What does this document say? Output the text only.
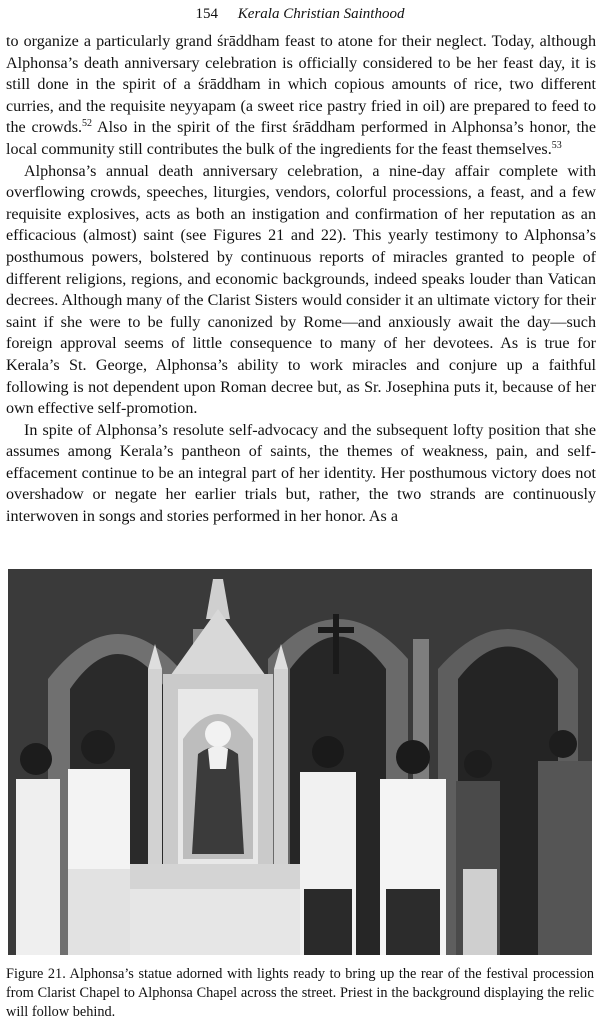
154 Kerala Christian Sainthood

to organize a particularly grand śrāddham feast to atone for their neglect. Today, although Alphonsa’s death anniversary celebration is officially considered to be her feast day, it is still done in the spirit of a śrāddham in which copious amounts of rice, two different curries, and the requisite neyyapam (a sweet rice pastry fried in oil) are prepared to feed to the crowds.$^{52}$ Also in the spirit of the first śrāddham performed in Alphonsa’s honor, the local community still contributes the bulk of the ingredients for the feast themselves.$^{53}$

Alphonsa’s annual death anniversary celebration, a nine-day affair complete with overflowing crowds, speeches, liturgies, vendors, colorful processions, a feast, and a few requisite explosives, acts as both an instigation and confirmation of her reputation as an efficacious (almost) saint (see Figures 21 and 22). This yearly testimony to Alphonsa’s posthumous powers, bolstered by continuous reports of miracles granted to people of different religions, regions, and economic backgrounds, indeed speaks louder than Vatican decrees. Although many of the Clarist Sisters would consider it an ultimate victory for their saint if she were to be fully canonized by Rome—and anxiously await the day—such foreign approval seems of little consequence to many of her devotees. As is true for Kerala’s St. George, Alphonsa’s ability to work miracles and conjure up a faithful following is not dependent upon Roman decree but, as Sr. Josephina puts it, because of her own effective self-promotion.

In spite of Alphonsa’s resolute self-advocacy and the subsequent lofty position that she assumes among Kerala’s pantheon of saints, the themes of weakness, pain, and self-effacement continue to be an integral part of her identity. Her posthumous victory does not overshadow or negate her earlier trials but, rather, the two strands are continuously interwoven in songs and stories performed in her honor. As a

Figure 21. Alphonsa’s statue adorned with lights ready to bring up the rear of the festival procession from Clarist Chapel to Alphonsa Chapel across the street. Priest in the background displaying the relic will follow behind.
